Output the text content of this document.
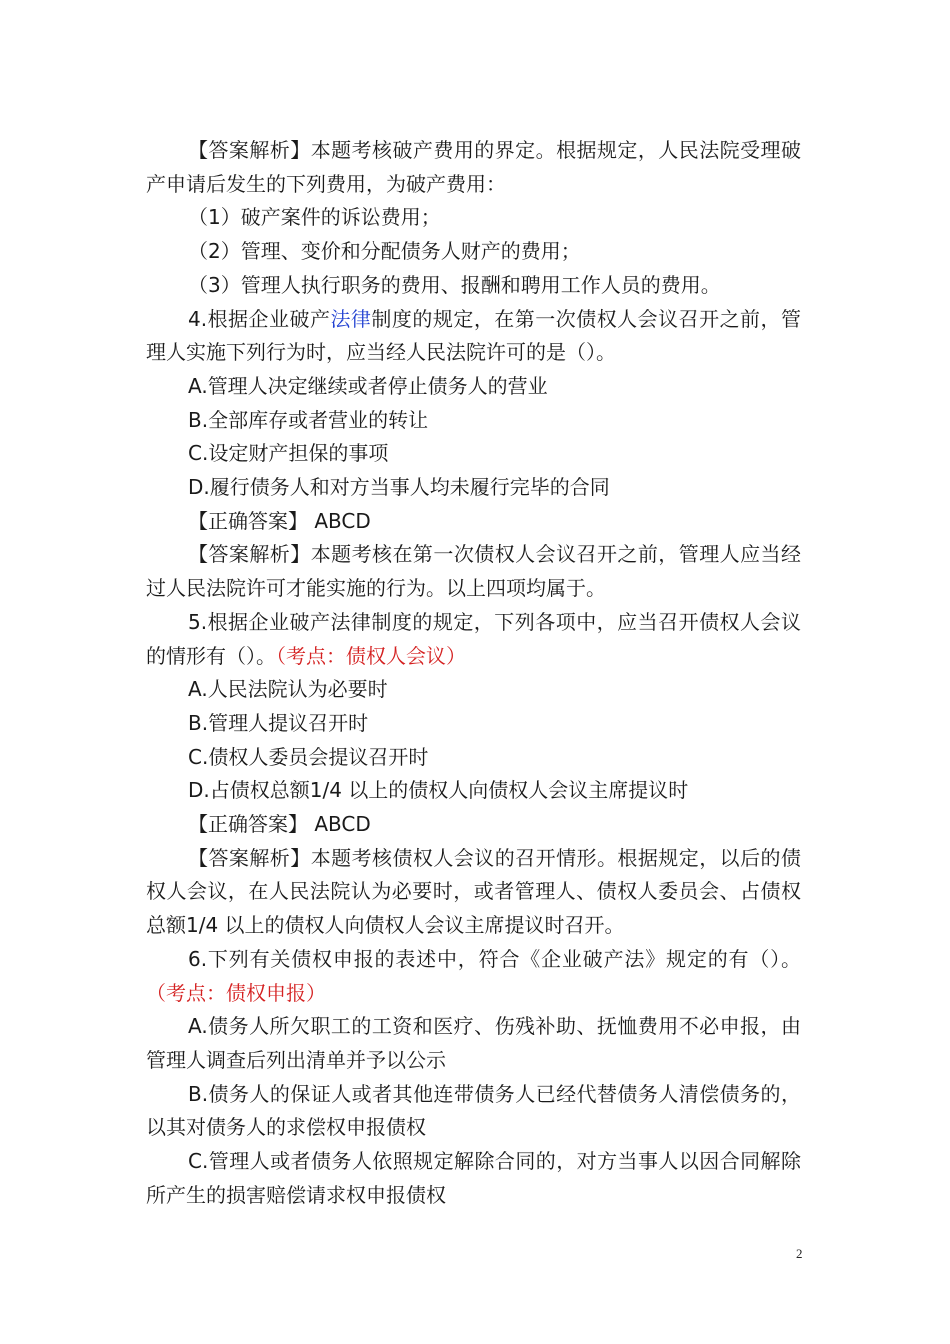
【答案解析】本题考核破产费用的界定。根据规定，人民法院受理破产申请后发生的下列费用，为破产费用：

（1）破产案件的诉讼费用；

（2）管理、变价和分配债务人财产的费用；

（3）管理人执行职务的费用、报酬和聘用工作人员的费用。

4.根据企业破产法律制度的规定，在第一次债权人会议召开之前，管理人实施下列行为时，应当经人民法院许可的是（）。

A.管理人决定继续或者停止债务人的营业

B.全部库存或者营业的转让

C.设定财产担保的事项

D.履行债务人和对方当事人均未履行完毕的合同

【正确答案】 ABCD

【答案解析】本题考核在第一次债权人会议召开之前，管理人应当经过人民法院许可才能实施的行为。以上四项均属于。

5.根据企业破产法律制度的规定，下列各项中，应当召开债权人会议的情形有（）。（考点：债权人会议）

A.人民法院认为必要时

B.管理人提议召开时

C.债权人委员会提议召开时

D.占债权总额1/4 以上的债权人向债权人会议主席提议时

【正确答案】 ABCD

【答案解析】本题考核债权人会议的召开情形。根据规定，以后的债权人会议，在人民法院认为必要时，或者管理人、债权人委员会、占债权总额1/4 以上的债权人向债权人会议主席提议时召开。

6.下列有关债权申报的表述中，符合《企业破产法》规定的有（）。（考点：债权申报）

A.债务人所欠职工的工资和医疗、伤残补助、抚恤费用不必申报，由管理人调查后列出清单并予以公示

B.债务人的保证人或者其他连带债务人已经代替债务人清偿债务的，以其对债务人的求偿权申报债权

C.管理人或者债务人依照规定解除合同的，对方当事人以因合同解除所产生的损害赔偿请求权申报债权

2
